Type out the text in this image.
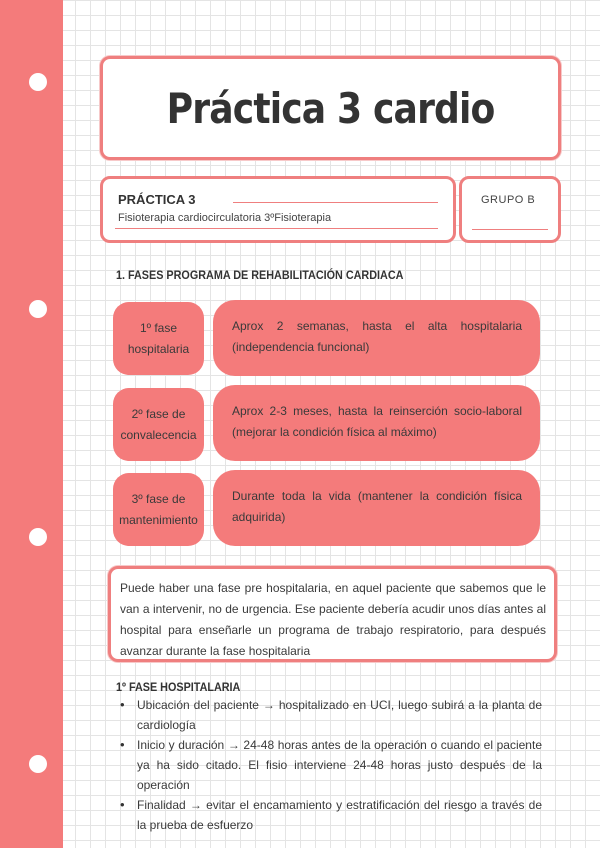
Práctica 3 cardio
PRÁCTICA 3
Fisioterapia cardiocirculatoria 3ºFisioterapia
GRUPO B
1. FASES PROGRAMA DE REHABILITACIÓN CARDIACA
1º fase hospitalaria
Aprox 2 semanas, hasta el alta hospitalaria (independencia funcional)
2º fase de convalecencia
Aprox 2-3 meses, hasta la reinserción socio-laboral (mejorar la condición física al máximo)
3º fase de mantenimiento
Durante toda la vida (mantener la condición física adquirida)
Puede haber una fase pre hospitalaria, en aquel paciente que sabemos que le van a intervenir, no de urgencia. Ese paciente debería acudir unos días antes al hospital para enseñarle un programa de trabajo respiratorio, para después avanzar durante la fase hospitalaria
1º FASE HOSPITALARIA
• Ubicación del paciente → hospitalizado en UCI, luego subirá a la planta de cardiología
• Inicio y duración → 24-48 horas antes de la operación o cuando el paciente ya ha sido citado. El fisio interviene 24-48 horas justo después de la operación
• Finalidad → evitar el encamamiento y estratificación del riesgo a través de la prueba de esfuerzo
